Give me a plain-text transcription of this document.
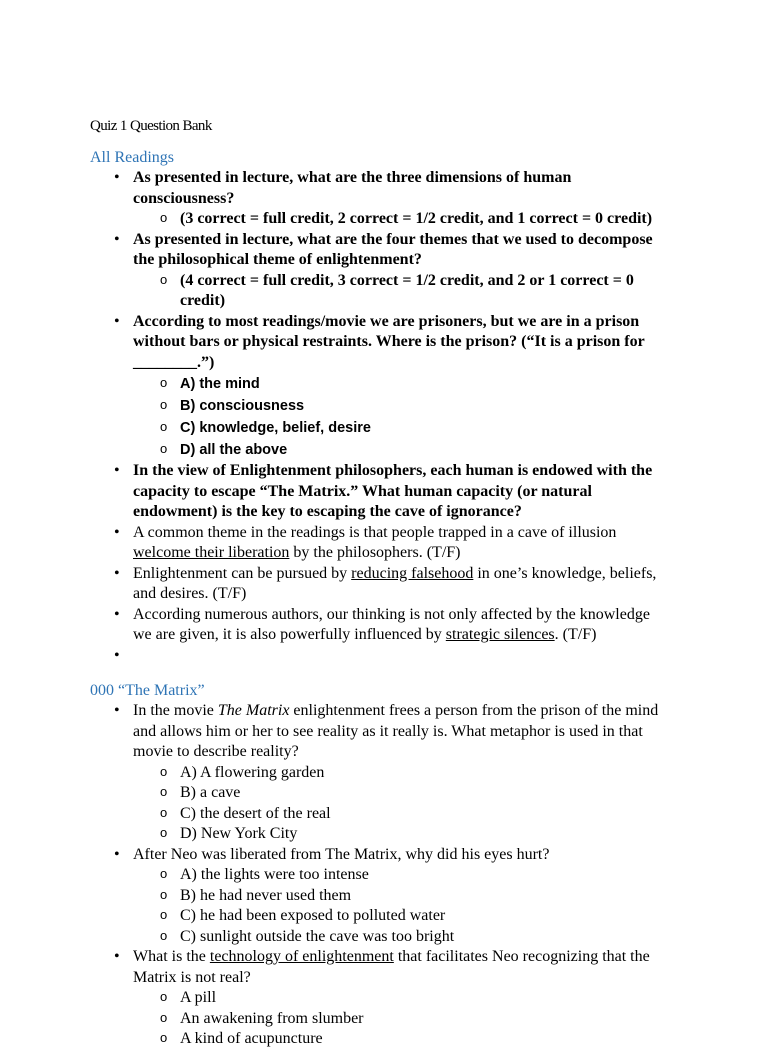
Quiz 1 Question Bank
All Readings
• As presented in lecture, what are the three dimensions of human consciousness?
o (3 correct = full credit, 2 correct = 1/2 credit, and 1 correct = 0 credit)
• As presented in lecture, what are the four themes that we used to decompose the philosophical theme of enlightenment?
o (4 correct = full credit, 3 correct = 1/2 credit, and 2 or 1 correct = 0 credit)
• According to most readings/movie we are prisoners, but we are in a prison without bars or physical restraints. Where is the prison? (“It is a prison for ________.”)
o A) the mind
o B) consciousness
o C) knowledge, belief, desire
o D) all the above
• In the view of Enlightenment philosophers, each human is endowed with the capacity to escape “The Matrix.” What human capacity (or natural endowment) is the key to escaping the cave of ignorance?
• A common theme in the readings is that people trapped in a cave of illusion welcome their liberation by the philosophers. (T/F)
• Enlightenment can be pursued by reducing falsehood in one’s knowledge, beliefs, and desires. (T/F)
• According numerous authors, our thinking is not only affected by the knowledge we are given, it is also powerfully influenced by strategic silences. (T/F)
•
000 “The Matrix”
• In the movie The Matrix enlightenment frees a person from the prison of the mind and allows him or her to see reality as it really is. What metaphor is used in that movie to describe reality?
o A) A flowering garden
o B) a cave
o C) the desert of the real
o D) New York City
• After Neo was liberated from The Matrix, why did his eyes hurt?
o A) the lights were too intense
o B) he had never used them
o C) he had been exposed to polluted water
o C) sunlight outside the cave was too bright
• What is the technology of enlightenment that facilitates Neo recognizing that the Matrix is not real?
o A pill
o An awakening from slumber
o A kind of acupuncture
